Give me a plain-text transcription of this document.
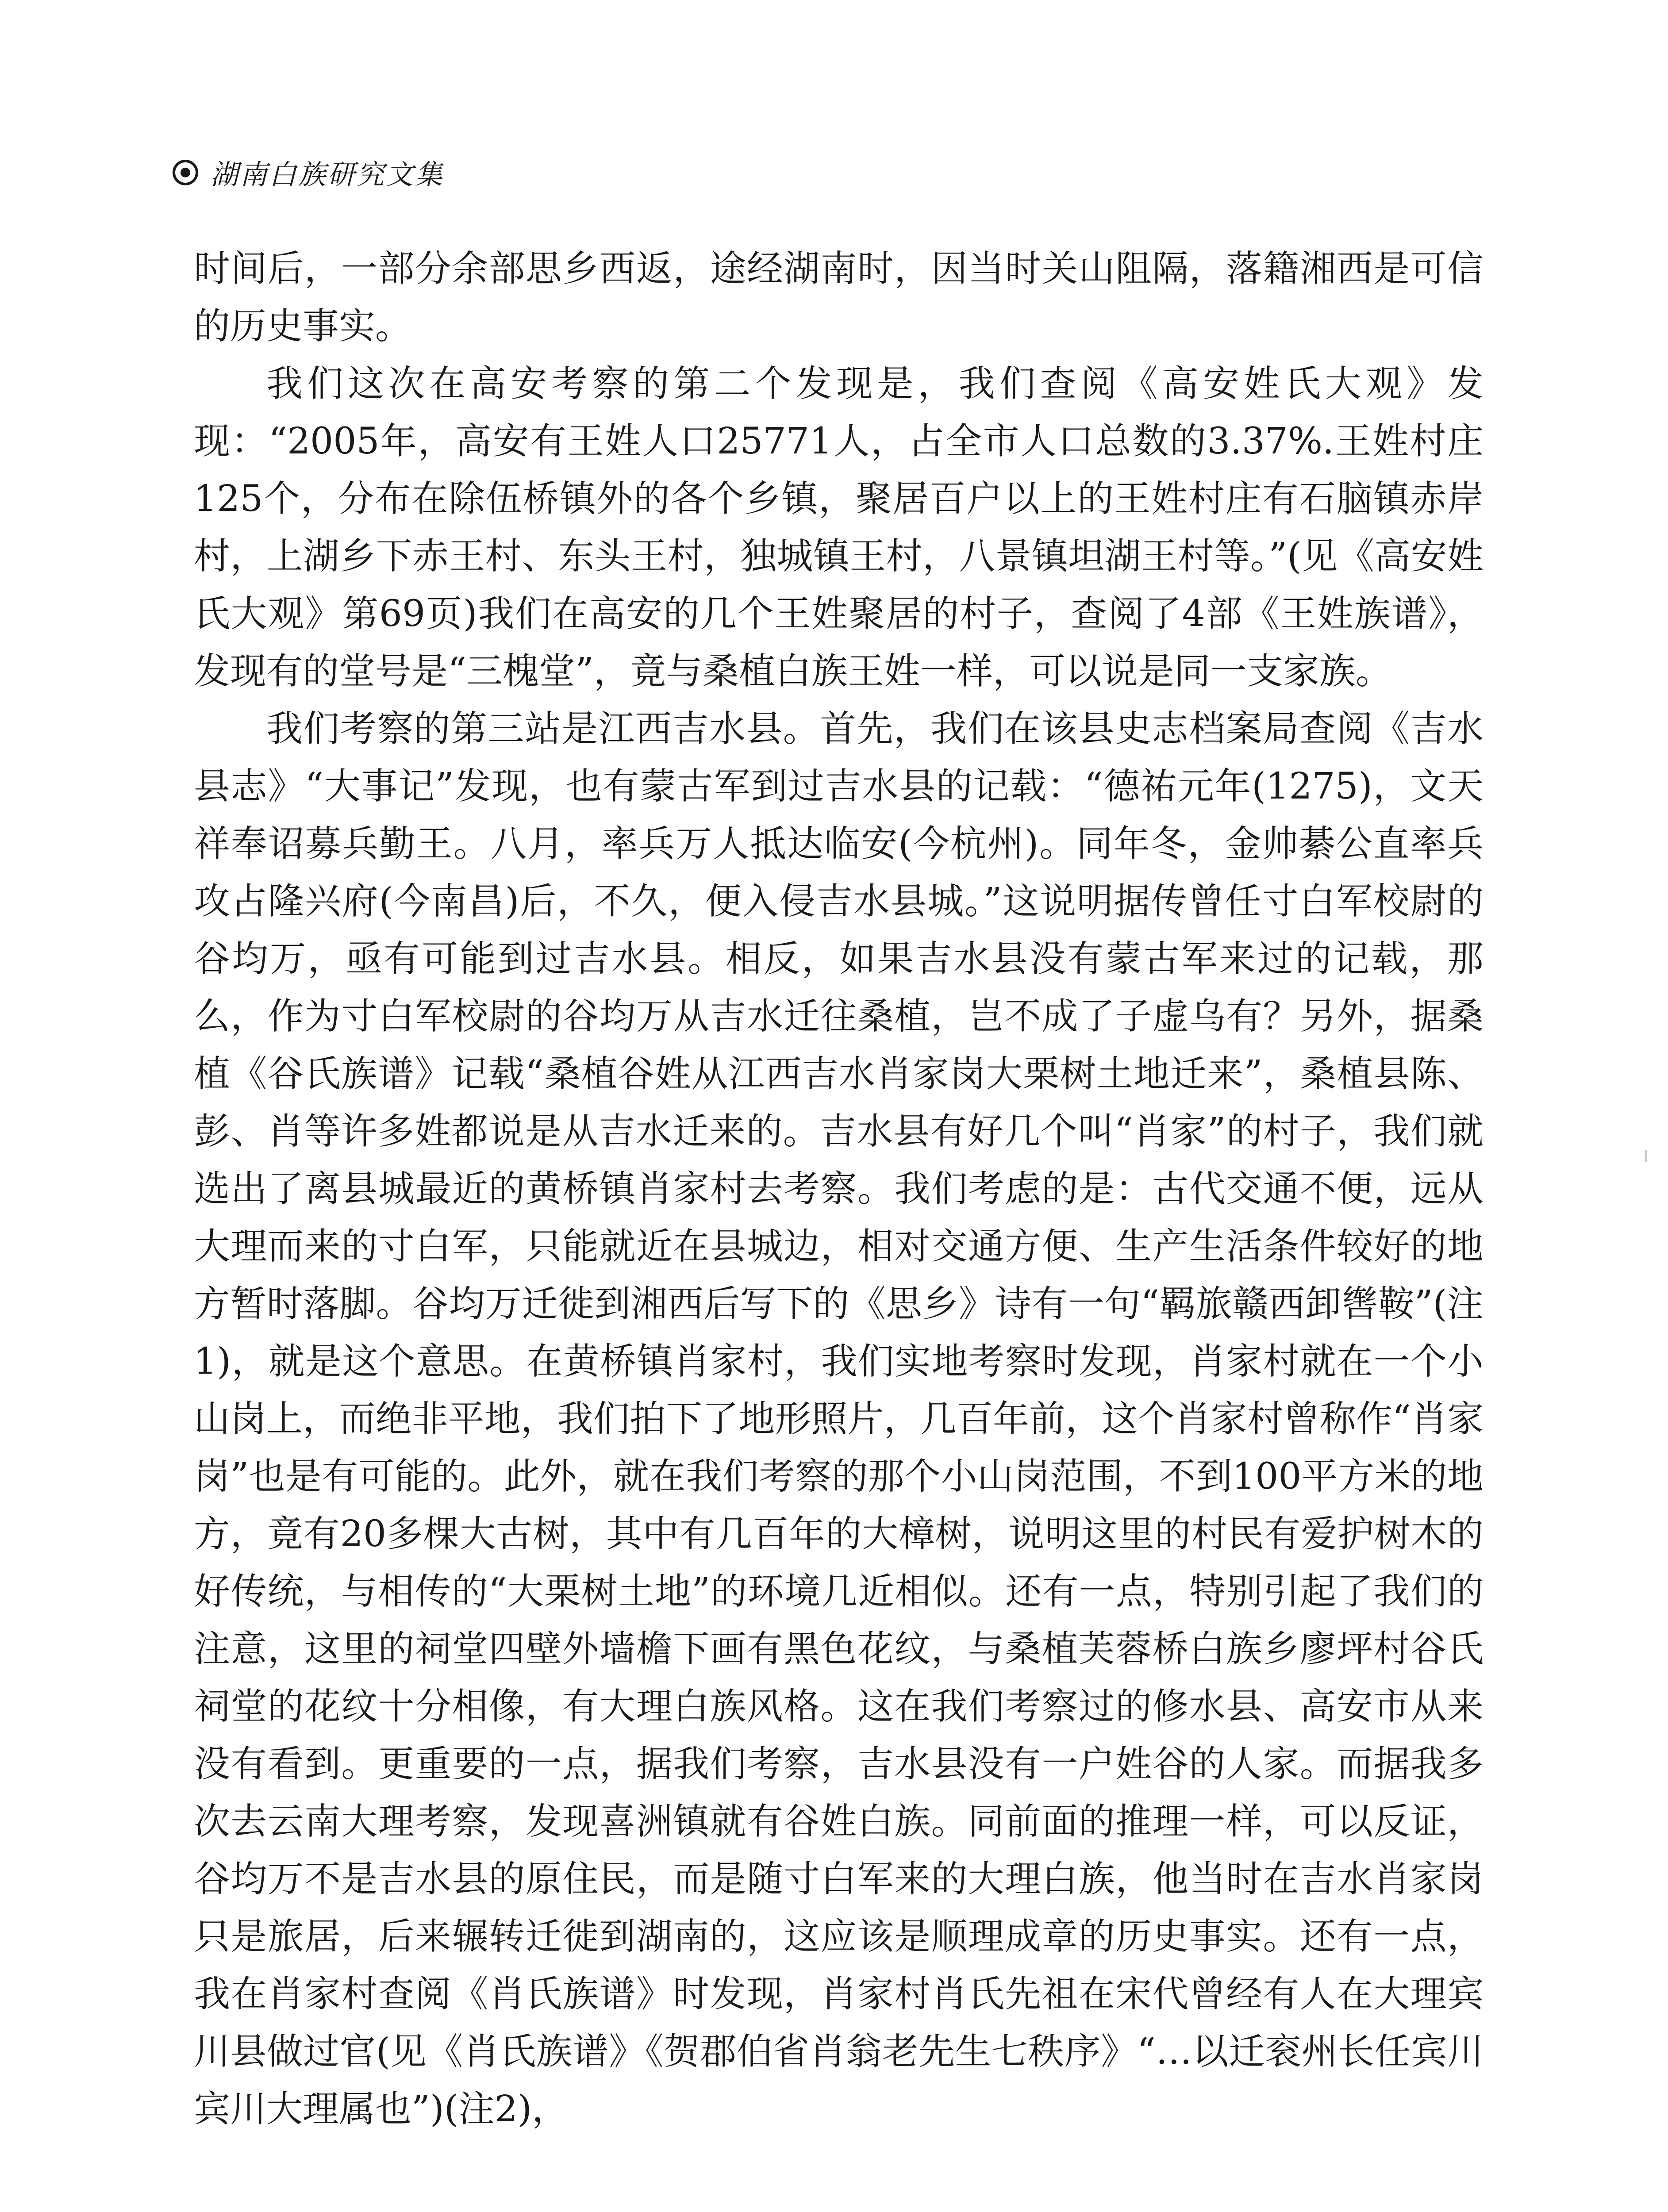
湖南白族研究文集

时间后，一部分余部思乡西返，途经湖南时，因当时关山阻隔，落籍湘西是可信的历史事实。

我们这次在高安考察的第二个发现是，我们查阅《高安姓氏大观》发现：“2005年，高安有王姓人口25771人，占全市人口总数的3.37%.王姓村庄125个，分布在除伍桥镇外的各个乡镇，聚居百户以上的王姓村庄有石脑镇赤岸村，上湖乡下赤王村、东头王村，独城镇王村，八景镇坦湖王村等。”(见《高安姓氏大观》第69页)我们在高安的几个王姓聚居的村子，查阅了4部《王姓族谱》，发现有的堂号是“三槐堂”，竟与桑植白族王姓一样，可以说是同一支家族。

我们考察的第三站是江西吉水县。首先，我们在该县史志档案局查阅《吉水县志》“大事记”发现，也有蒙古军到过吉水县的记载：“德祐元年(1275)，文天祥奉诏募兵勤王。八月，率兵万人抵达临安(今杭州)。同年冬，金帅綦公直率兵攻占隆兴府(今南昌)后，不久，便入侵吉水县城。”这说明据传曾任寸白军校尉的谷均万，亟有可能到过吉水县。相反，如果吉水县没有蒙古军来过的记载，那么，作为寸白军校尉的谷均万从吉水迁往桑植，岂不成了子虚乌有？另外，据桑植《谷氏族谱》记载“桑植谷姓从江西吉水肖家岗大栗树土地迁来”，桑植县陈、彭、肖等许多姓都说是从吉水迁来的。吉水县有好几个叫“肖家”的村子，我们就选出了离县城最近的黄桥镇肖家村去考察。我们考虑的是：古代交通不便，远从大理而来的寸白军，只能就近在县城边，相对交通方便、生产生活条件较好的地方暂时落脚。谷均万迁徙到湘西后写下的《思乡》诗有一句“羁旅赣西卸辔鞍”(注1)，就是这个意思。在黄桥镇肖家村，我们实地考察时发现，肖家村就在一个小山岗上，而绝非平地，我们拍下了地形照片，几百年前，这个肖家村曾称作“肖家岗”也是有可能的。此外，就在我们考察的那个小山岗范围，不到100平方米的地方，竟有20多棵大古树，其中有几百年的大樟树，说明这里的村民有爱护树木的好传统，与相传的“大栗树土地”的环境几近相似。还有一点，特别引起了我们的注意，这里的祠堂四壁外墙檐下画有黑色花纹，与桑植芙蓉桥白族乡廖坪村谷氏祠堂的花纹十分相像，有大理白族风格。这在我们考察过的修水县、高安市从来没有看到。更重要的一点，据我们考察，吉水县没有一户姓谷的人家。而据我多次去云南大理考察，发现喜洲镇就有谷姓白族。同前面的推理一样，可以反证，谷均万不是吉水县的原住民，而是随寸白军来的大理白族，他当时在吉水肖家岗只是旅居，后来辗转迁徙到湖南的，这应该是顺理成章的历史事实。还有一点，我在肖家村查阅《肖氏族谱》时发现，肖家村肖氏先祖在宋代曾经有人在大理宾川县做过官(见《肖氏族谱》《贺郡伯省肖翁老先生七秩序》“…以迁衮州长任宾川宾川大理属也”)(注2)，
